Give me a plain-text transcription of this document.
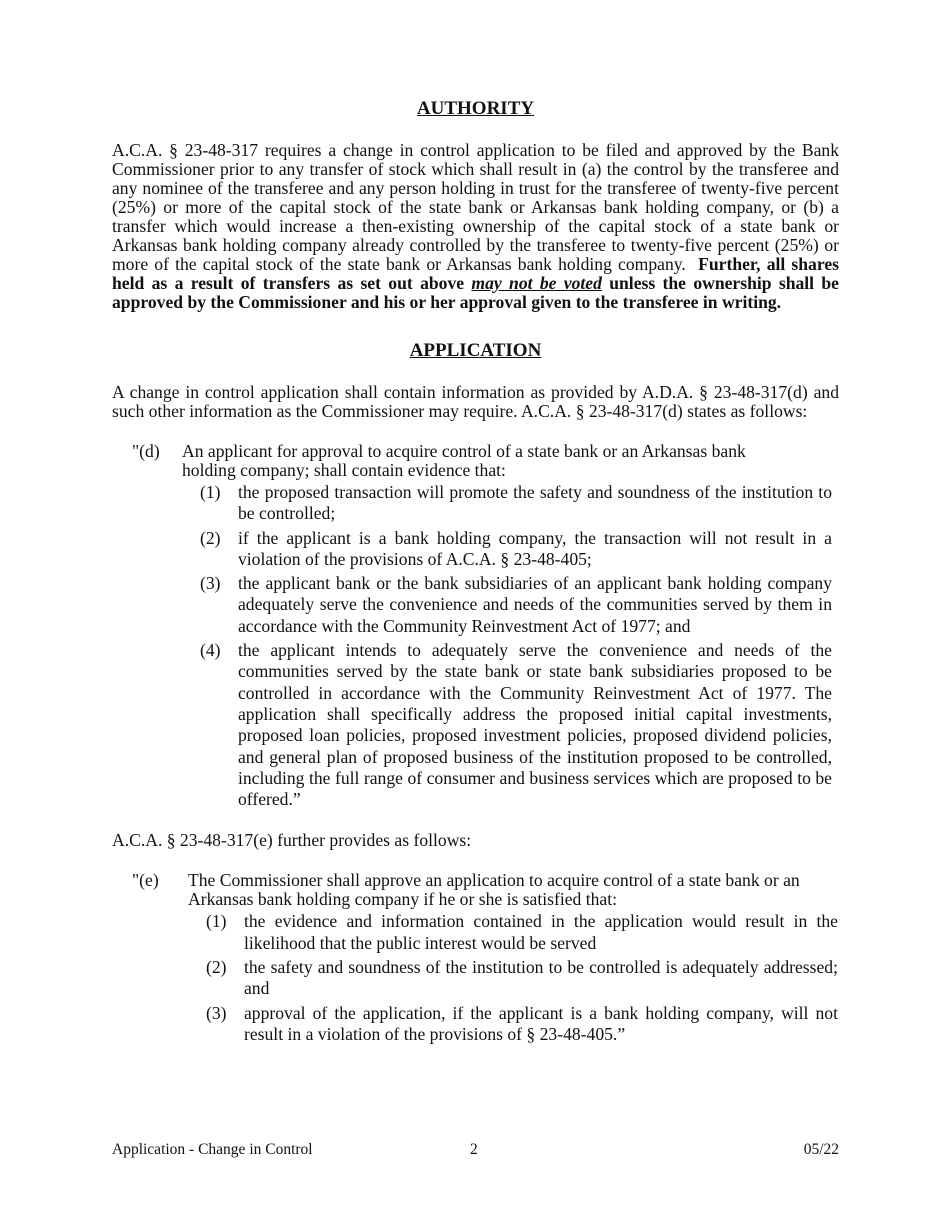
AUTHORITY

A.C.A. § 23-48-317 requires a change in control application to be filed and approved by the Bank Commissioner prior to any transfer of stock which shall result in (a) the control by the transferee and any nominee of the transferee and any person holding in trust for the transferee of twenty-five percent (25%) or more of the capital stock of the state bank or Arkansas bank holding company, or (b) a transfer which would increase a then-existing ownership of the capital stock of a state bank or Arkansas bank holding company already controlled by the transferee to twenty-five percent (25%) or more of the capital stock of the state bank or Arkansas bank holding company. Further, all shares held as a result of transfers as set out above may not be voted unless the ownership shall be approved by the Commissioner and his or her approval given to the transferee in writing.

APPLICATION

A change in control application shall contain information as provided by A.D.A. § 23-48-317(d) and such other information as the Commissioner may require. A.C.A. § 23-48-317(d) states as follows:

"(d) An applicant for approval to acquire control of a state bank or an Arkansas bank holding company; shall contain evidence that:

(1) the proposed transaction will promote the safety and soundness of the institution to be controlled;
(2) if the applicant is a bank holding company, the transaction will not result in a violation of the provisions of A.C.A. § 23-48-405;
(3) the applicant bank or the bank subsidiaries of an applicant bank holding company adequately serve the convenience and needs of the communities served by them in accordance with the Community Reinvestment Act of 1977; and
(4) the applicant intends to adequately serve the convenience and needs of the communities served by the state bank or state bank subsidiaries proposed to be controlled in accordance with the Community Reinvestment Act of 1977. The application shall specifically address the proposed initial capital investments, proposed loan policies, proposed investment policies, proposed dividend policies, and general plan of proposed business of the institution proposed to be controlled, including the full range of consumer and business services which are proposed to be offered.”

A.C.A. § 23-48-317(e) further provides as follows:

"(e) The Commissioner shall approve an application to acquire control of a state bank or an Arkansas bank holding company if he or she is satisfied that:

(1) the evidence and information contained in the application would result in the likelihood that the public interest would be served
(2) the safety and soundness of the institution to be controlled is adequately addressed; and
(3) approval of the application, if the applicant is a bank holding company, will not result in a violation of the provisions of § 23-48-405.”
Application - Change in Control	2	05/22
